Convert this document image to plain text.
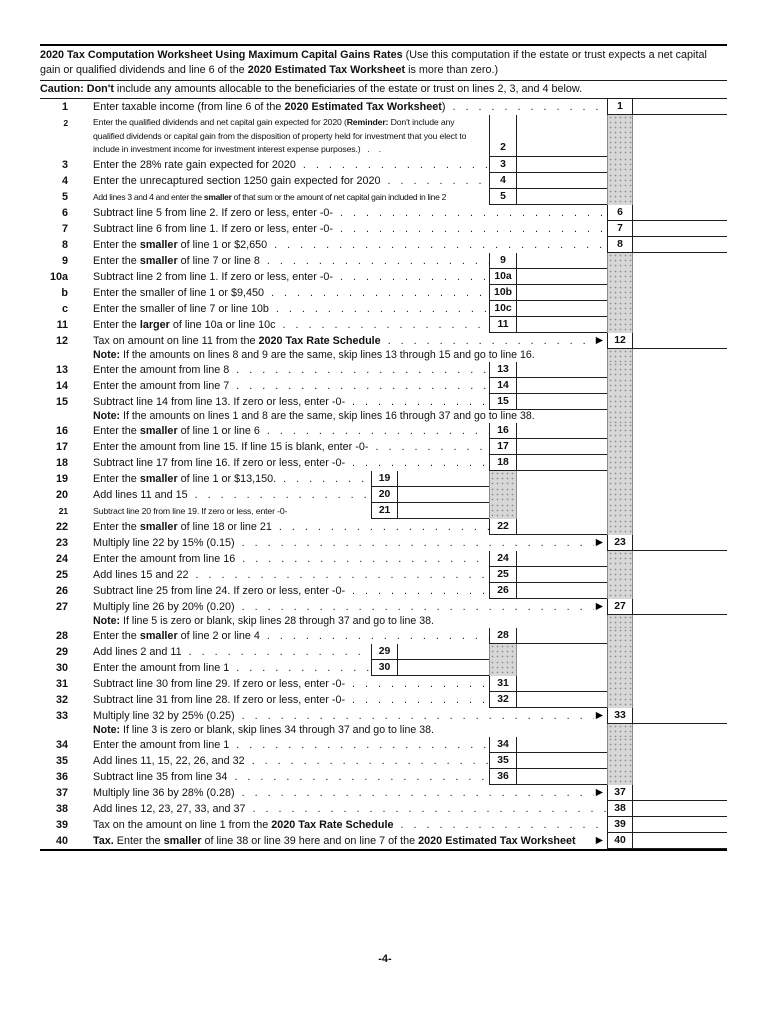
2020 Tax Computation Worksheet Using Maximum Capital Gains Rates (Use this computation if the estate or trust expects a net capital gain or qualified dividends and line 6 of the 2020 Estimated Tax Worksheet is more than zero.)
Caution: Don't include any amounts allocable to the beneficiaries of the estate or trust on lines 2, 3, and 4 below.
1 Enter taxable income (from line 6 of the 2020 Estimated Tax Worksheet) . . .	1
2	Enter the qualified dividends and net capital gain expected for 2020 (Reminder: Don't include any qualified dividends or capital gain from the disposition of property held for investment that you elect to include in investment income for investment interest expense purposes.)   .    .	2
3 Enter the 28% rate gain expected for 2020 . . .	3
4 Enter the unrecaptured section 1250 gain expected for 2020 . . .	4
5	Add lines 3 and 4 and enter the smaller of that sum or the amount of net capital gain included in line 2	5
6 Subtract line 5 from line 2. If zero or less, enter -0- . . .	6
7 Subtract line 6 from line 1. If zero or less, enter -0- . . .	7
8 Enter the smaller of line 1 or $2,650 . . .	8
9 Enter the smaller of line 7 or line 8 . . .	9
10a Subtract line 2 from line 1. If zero or less, enter -0- . . .	10a
b Enter the smaller of line 1 or $9,450 . . .	10b
c Enter the smaller of line 7 or line 10b . . .	10c
11 Enter the larger of line 10a or line 10c . . .	11
12 Tax on amount on line 11 from the 2020 Tax Rate Schedule . . .	▶	12
Note: If the amounts on lines 8 and 9 are the same, skip lines 13 through 15 and go to line 16.
13 Enter the amount from line 8 . . .	13
14 Enter the amount from line 7 . . .	14
15 Subtract line 14 from line 13. If zero or less, enter -0- . . .	15
Note: If the amounts on lines 1 and 8 are the same, skip lines 16 through 37 and go to line 38.
16 Enter the smaller of line 1 or line 6 . . .	16
17 Enter the amount from line 15. If line 15 is blank, enter -0- . . .	17
18 Subtract line 17 from line 16. If zero or less, enter -0- . . .	18
19 Enter the smaller of line 1 or $13,150. . . .	19
20 Add lines 11 and 15 . . .	20
21	Subtract line 20 from line 19. If zero or less, enter -0-	21
22 Enter the smaller of line 18 or line 21 . . .	22
23 Multiply line 22 by 15% (0.15) . . .	▶	23
24 Enter the amount from line 16 . . .	24
25 Add lines 15 and 22 . . .	25
26 Subtract line 25 from line 24. If zero or less, enter -0- . . .	26
27 Multiply line 26 by 20% (0.20) . . .	▶	27
Note: If line 5 is zero or blank, skip lines 28 through 37 and go to line 38.
28 Enter the smaller of line 2 or line 4 . . .	28
29 Add lines 2 and 11 . . .	29
30 Enter the amount from line 1 . . .	30
31 Subtract line 30 from line 29. If zero or less, enter -0- . . .	31
32 Subtract line 31 from line 28. If zero or less, enter -0- . . .	32
33 Multiply line 32 by 25% (0.25) . . .	▶	33
Note: If line 3 is zero or blank, skip lines 34 through 37 and go to line 38.
34 Enter the amount from line 1 . . .	34
35 Add lines 11, 15, 22, 26, and 32 . . .	35
36 Subtract line 35 from line 34 . . .	36
37 Multiply line 36 by 28% (0.28) . . .	▶	37
38 Add lines 12, 23, 27, 33, and 37 . . .	38
39 Tax on the amount on line 1 from the 2020 Tax Rate Schedule . . .	39
40 Tax. Enter the smaller of line 38 or line 39 here and on line 7 of the 2020 Estimated Tax Worksheet ▶	40
-4-
